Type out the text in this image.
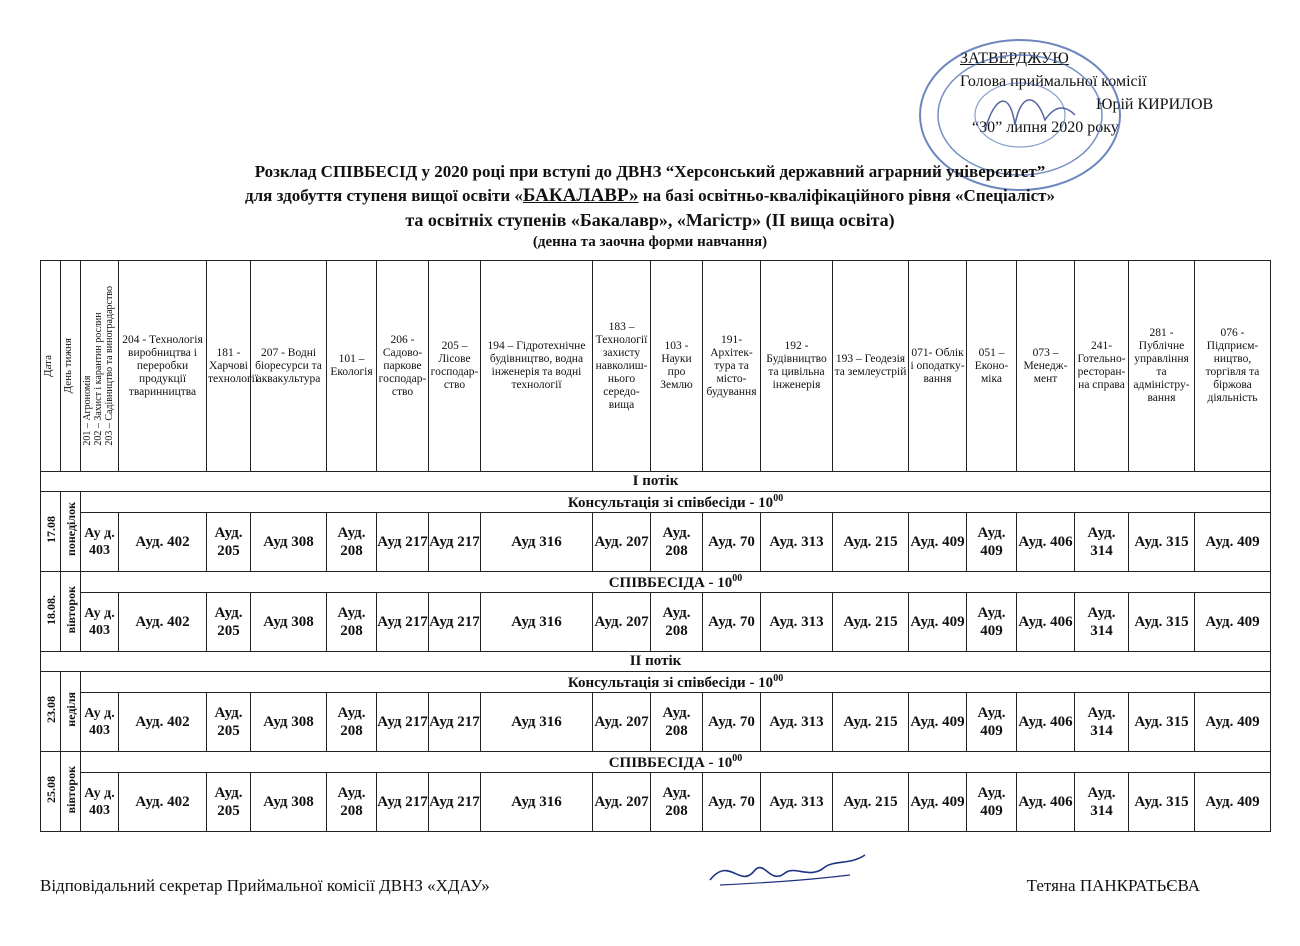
ЗАТВЕРДЖУЮ
Голова приймальної комісії
Юрій КИРИЛОВ
“30” липня 2020 року
Розклад СПІВБЕСІД у 2020 році при вступі до ДВНЗ “Херсонський державний аграрний університет”
для здобуття ступеня вищої освіти «БАКАЛАВР» на базі освітньо-кваліфікаційного рівня «Спеціаліст»
та освітніх ступенів «Бакалавр», «Магістр» (ІІ вища освіта)
(денна та заочна форми навчання)
Дата	День тижня	201 – Агрономія
202 – Захист і карантин рослин
203 – Садівництво та виноградарство	204 - Технологія виробництва і переробки продукції тваринництва	181 - Харчові технології	207 - Водні біоресурси та аквакультура	101 – Екологія	206 - Садово-паркове господар-ство	205 – Лісове господар-ство	194 – Гідротехнічне будівництво, водна інженерія та водні технології	183 – Технології захисту навколиш-нього середо-вища	103 - Науки про Землю	191- Архітек-тура та місто-будування	192 - Будівництво та цивільна інженерія	193 – Геодезія та землеустрій	071- Облік і оподатку-вання	051 – Еконо-міка	073 – Менедж-мент	241- Готельно-ресторан-на справа	281 - Публічне управління та адміністру-вання	076 - Підприєм-ництво, торгівля та біржова діяльність

І потік																				
17.08	понеділок	Консультація зі співбесіди - $10^{00}$
		Ау д. 403	Ауд. 402	Ауд. 205	Ауд 308	Ауд. 208	Ауд 217	Ауд 217	Ауд 316	Ауд. 207	Ауд. 208	Ауд. 70	Ауд. 313	Ауд. 215	Ауд. 409	Ауд. 409	Ауд. 406	Ауд. 314	Ауд. 315	Ауд. 409
18.08.	вівторок	СПІВБЕСІДА - $10^{00}$
		Ау д. 403	Ауд. 402	Ауд. 205	Ауд 308	Ауд. 208	Ауд 217	Ауд 217	Ауд 316	Ауд. 207	Ауд. 208	Ауд. 70	Ауд. 313	Ауд. 215	Ауд. 409	Ауд. 409	Ауд. 406	Ауд. 314	Ауд. 315	Ауд. 409
ІІ потік																				
23.08	неділя	Консультація зі співбесіди - $10^{00}$
		Ау д. 403	Ауд. 402	Ауд. 205	Ауд 308	Ауд. 208	Ауд 217	Ауд 217	Ауд 316	Ауд. 207	Ауд. 208	Ауд. 70	Ауд. 313	Ауд. 215	Ауд. 409	Ауд. 409	Ауд. 406	Ауд. 314	Ауд. 315	Ауд. 409
25.08	вівторок	СПІВБЕСІДА - $10^{00}$
		Ау д. 403	Ауд. 402	Ауд. 205	Ауд 308	Ауд. 208	Ауд 217	Ауд 217	Ауд 316	Ауд. 207	Ауд. 208	Ауд. 70	Ауд. 313	Ауд. 215	Ауд. 409	Ауд. 409	Ауд. 406	Ауд. 314	Ауд. 315	Ауд. 409
Відповідальний секретар Приймальної комісії ДВНЗ «ХДАУ»	Тетяна ПАНКРАТЬЄВА
